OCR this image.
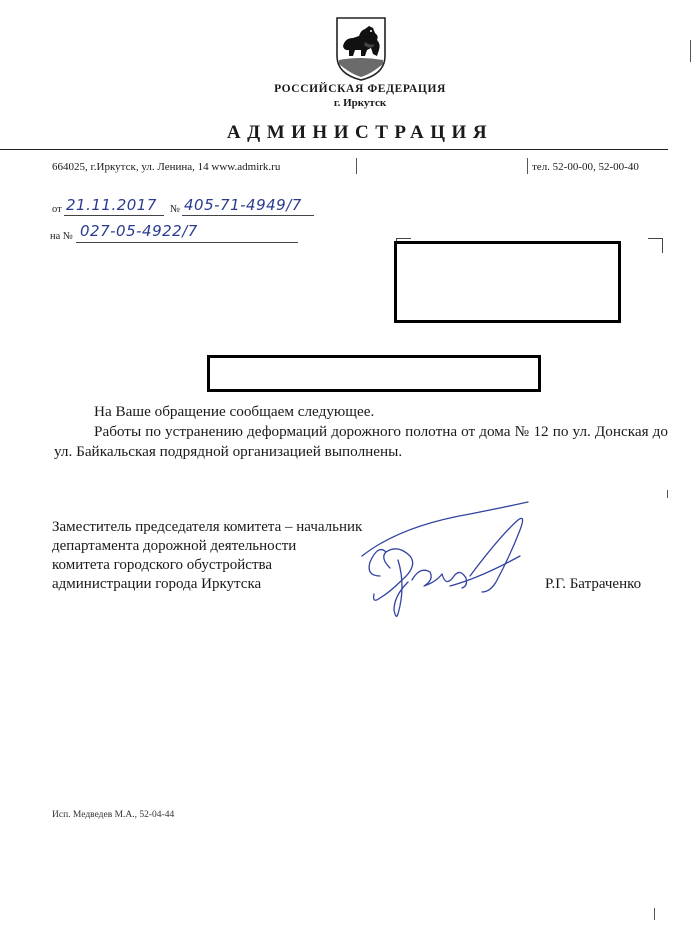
РОССИЙСКАЯ ФЕДЕРАЦИЯ
г. Иркутск
АДМИНИСТРАЦИЯ
664025, г.Иркутск, ул. Ленина, 14 www.admirk.ru	тел. 52-00-00, 52-00-40
от 21.11.2017 № 405-71-4949/7
на № 027-05-4922/7
На Ваше обращение сообщаем следующее.
Работы по устранению деформаций дорожного полотна от дома № 12 по ул. Донская до ул. Байкальская подрядной организацией выполнены.
Заместитель председателя комитета – начальник
департамента дорожной деятельности
комитета городского обустройства
администрации города Иркутска	Р.Г. Батраченко
Исп. Медведев М.А., 52-04-44
